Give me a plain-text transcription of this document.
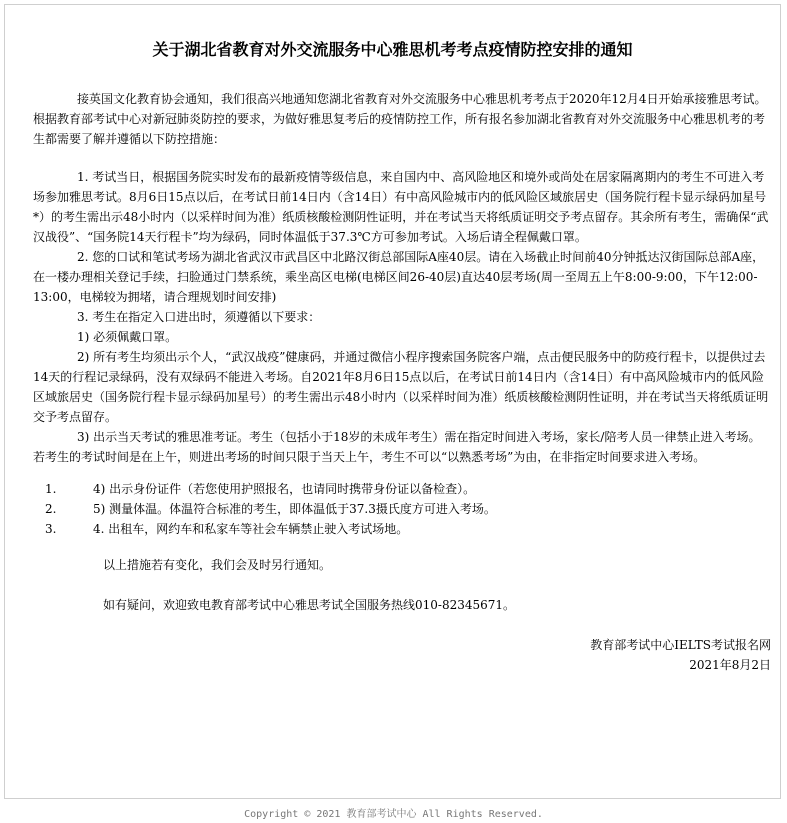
关于湖北省教育对外交流服务中心雅思机考考点疫情防控安排的通知

接英国文化教育协会通知，我们很高兴地通知您湖北省教育对外交流服务中心雅思机考考点于2020年12月4日开始承接雅思考试。根据教育部考试中心对新冠肺炎防控的要求，为做好雅思复考后的疫情防控工作，所有报名参加湖北省教育对外交流服务中心雅思机考的考生都需要了解并遵循以下防控措施：

1. 考试当日，根据国务院实时发布的最新疫情等级信息，来自国内中、高风险地区和境外或尚处在居家隔离期内的考生不可进入考场参加雅思考试。8月6日15点以后，在考试日前14日内（含14日）有中高风险城市内的低风险区域旅居史（国务院行程卡显示绿码加星号*）的考生需出示48小时内（以采样时间为准）纸质核酸检测阴性证明，并在考试当天将纸质证明交予考点留存。其余所有考生，需确保“武汉战役”、“国务院14天行程卡”均为绿码，同时体温低于37.3℃方可参加考试。入场后请全程佩戴口罩。

2. 您的口试和笔试考场为湖北省武汉市武昌区中北路汉街总部国际A座40层。请在入场截止时间前40分钟抵达汉街国际总部A座，在一楼办理相关登记手续，扫脸通过门禁系统，乘坐高区电梯(电梯区间26-40层)直达40层考场(周一至周五上午8:00-9:00，下午12:00-13:00，电梯较为拥堵，请合理规划时间安排)

3. 考生在指定入口进出时，须遵循以下要求：

1) 必须佩戴口罩。

2) 所有考生均须出示个人，“武汉战疫”健康码，并通过微信小程序搜索国务院客户端，点击便民服务中的防疫行程卡，以提供过去14天的行程记录绿码，没有双绿码不能进入考场。自2021年8月6日15点以后，在考试日前14日内（含14日）有中高风险城市内的低风险区域旅居史（国务院行程卡显示绿码加星号）的考生需出示48小时内（以采样时间为准）纸质核酸检测阴性证明，并在考试当天将纸质证明交予考点留存。

3) 出示当天考试的雅思准考证。考生（包括小于18岁的未成年考生）需在指定时间进入考场，家长/陪考人员一律禁止进入考场。若考生的考试时间是在上午，则进出考场的时间只限于当天上午，考生不可以“以熟悉考场”为由，在非指定时间要求进入考场。

1.	4) 出示身份证件（若您使用护照报名，也请同时携带身份证以备检查）。
2.	5) 测量体温。体温符合标准的考生，即体温低于37.3摄氏度方可进入考场。
3.	4. 出租车，网约车和私家车等社会车辆禁止驶入考试场地。

以上措施若有变化，我们会及时另行通知。

如有疑问，欢迎致电教育部考试中心雅思考试全国服务热线010-82345671。

教育部考试中心IELTS考试报名网
2021年8月2日
Copyright © 2021 教育部考试中心 All Rights Reserved.
